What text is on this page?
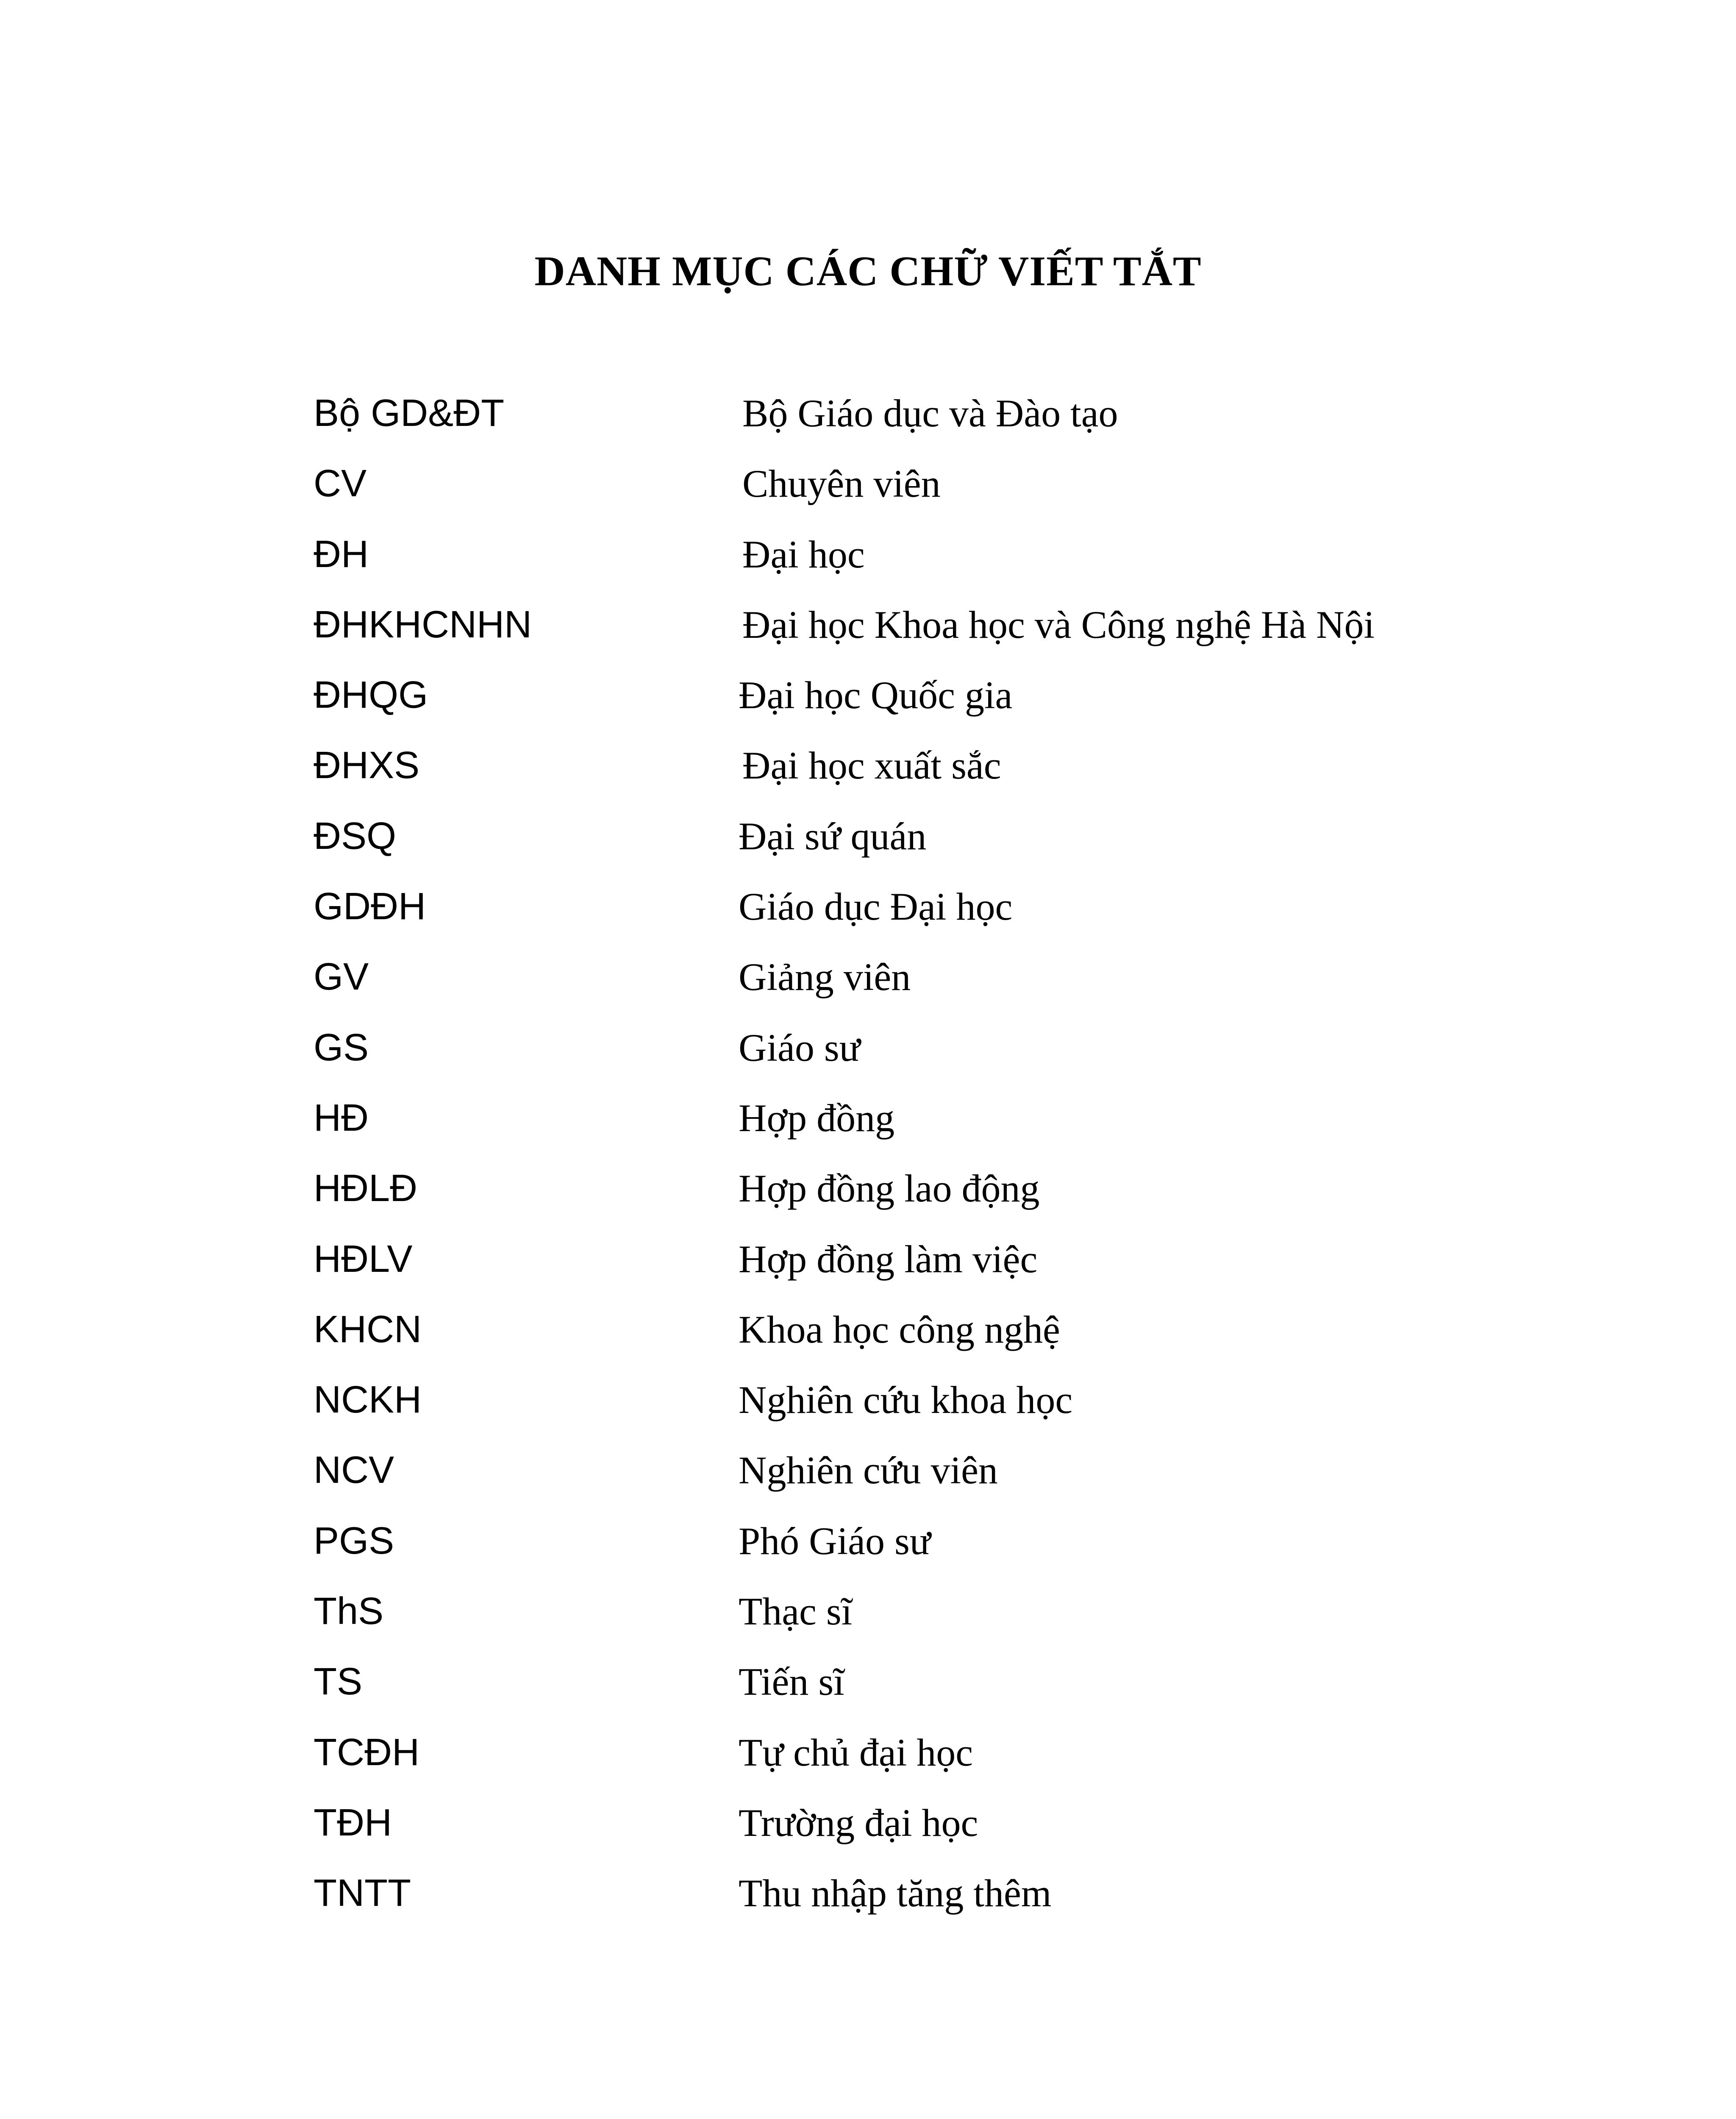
DANH MỤC CÁC CHỮ VIẾT TẮT
Bộ GD&ĐT	Bộ Giáo dục và Đào tạo
CV	Chuyên viên
ĐH	Đại học
ĐHKHCNHN	Đại học Khoa học và Công nghệ Hà Nội
ĐHQG	Đại học Quốc gia
ĐHXS	Đại học xuất sắc
ĐSQ	Đại sứ quán
GDĐH	Giáo dục Đại học
GV	Giảng viên
GS	Giáo sư
HĐ	Hợp đồng
HĐLĐ	Hợp đồng lao động
HĐLV	Hợp đồng làm việc
KHCN	Khoa học công nghệ
NCKH	Nghiên cứu khoa học
NCV	Nghiên cứu viên
PGS	Phó Giáo sư
ThS	Thạc sĩ
TS	Tiến sĩ
TCĐH	Tự chủ đại học
TĐH	Trường đại học
TNTT	Thu nhập tăng thêm
